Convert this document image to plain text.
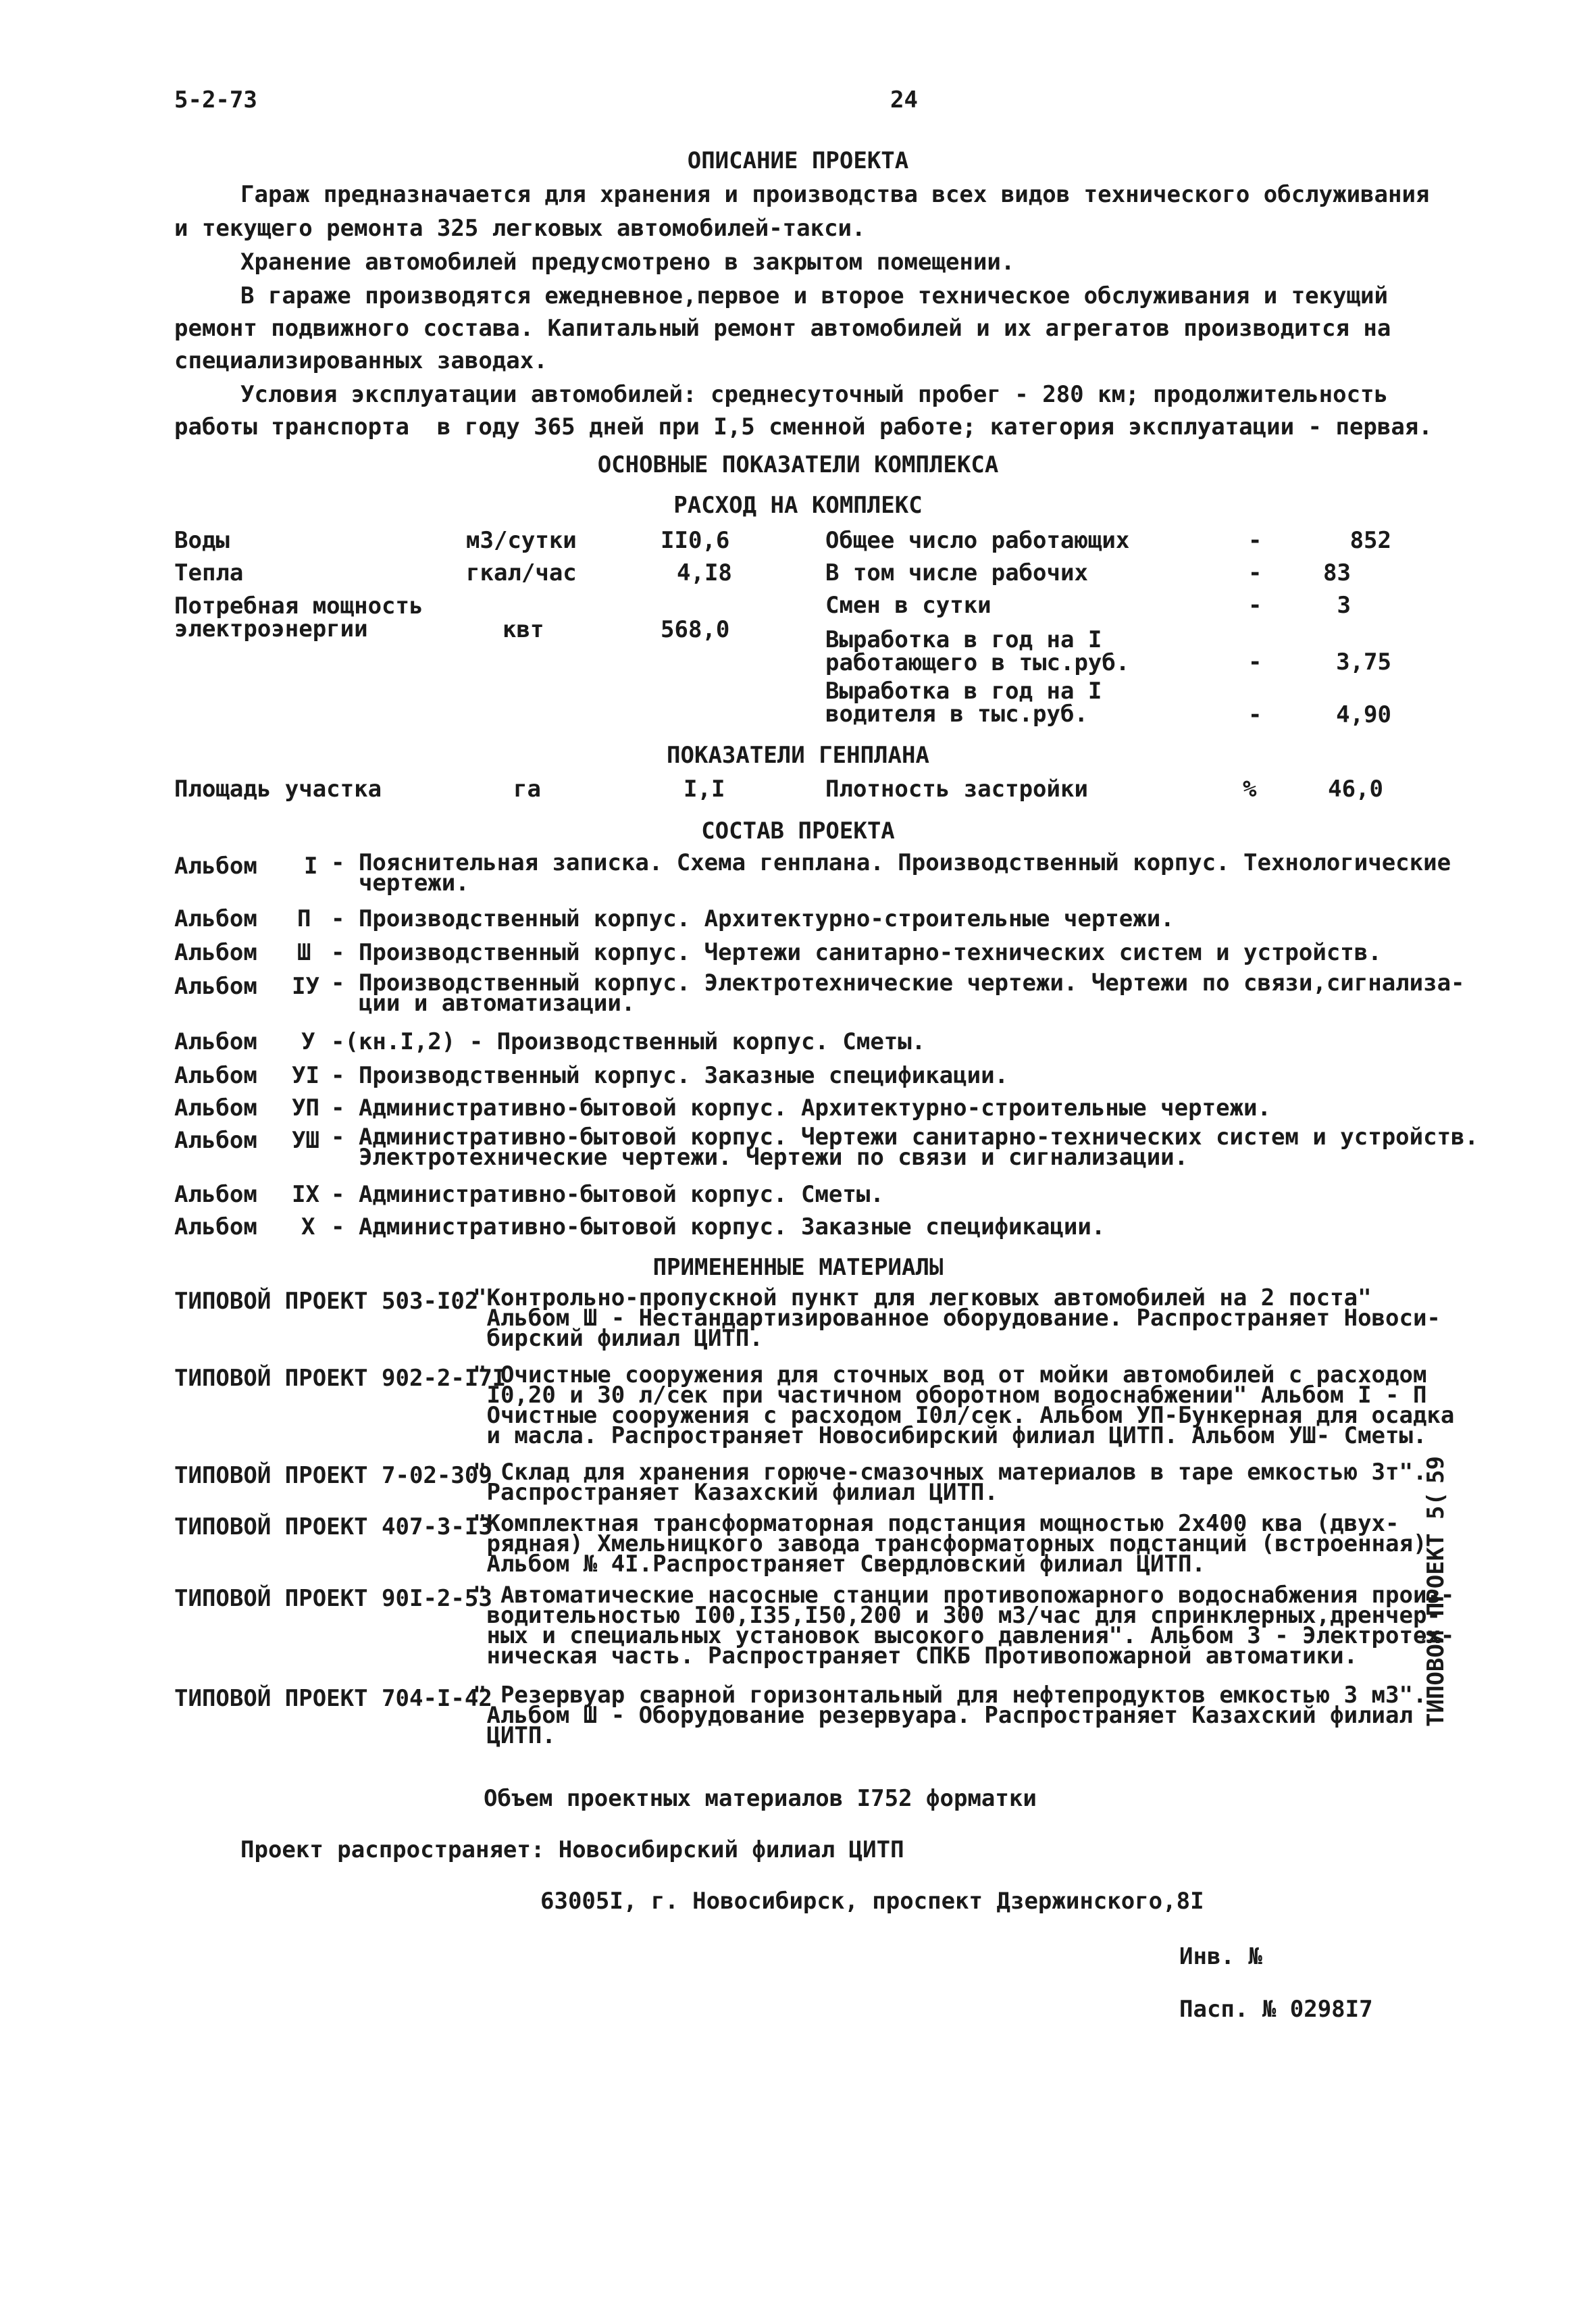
5-2-73	24
ОПИСАНИЕ ПРОЕКТА
Гараж предназначается для хранения и производства всех видов технического обслуживания
и текущего ремонта 325 легковых автомобилей-такси.
Хранение автомобилей предусмотрено в закрытом помещении.
В гараже производятся ежедневное,первое и второе техническое обслуживания и текущий
ремонт подвижного состава. Капитальный ремонт автомобилей и их агрегатов производится на
специализированных заводах.
Условия эксплуатации автомобилей: среднесуточный пробег - 280 км; продолжительность
работы транспорта  в году 365 дней при I,5 сменной работе; категория эксплуатации - первая.
ОСНОВНЫЕ ПОКАЗАТЕЛИ КОМПЛЕКСА
РАСХОД НА КОМПЛЕКС
Воды	м3/сутки	II0,6
Тепла	гкал/час	4,I8
Потребная мощность
электроэнергии	квт	568,0
Общее число работающих	-	852
В том числе рабочих	-	83
Смен в сутки	-	3
Выработка в год на I
работающего в тыс.руб.	-	3,75
Выработка в год на I
водителя в тыс.руб.	-	4,90
ПОКАЗАТЕЛИ ГЕНПЛАНА
Площадь участка	га	I,I	Плотность застройки	%	46,0
СОСТАВ ПРОЕКТА
Альбом I - Пояснительная записка. Схема генплана. Производственный корпус. Технологические
чертежи.
Альбом П - Производственный корпус. Архитектурно-строительные чертежи.
Альбом Ш - Производственный корпус. Чертежи санитарно-технических систем и устройств.
Альбом IУ - Производственный корпус. Электротехнические чертежи. Чертежи по связи,сигнализа-
ции и автоматизации.
Альбом У -(кн.I,2) - Производственный корпус. Сметы.
Альбом УI - Производственный корпус. Заказные спецификации.
Альбом УП - Административно-бытовой корпус. Архитектурно-строительные чертежи.
Альбом УШ - Административно-бытовой корпус. Чертежи санитарно-технических систем и устройств.
Электротехнические чертежи. Чертежи по связи и сигнализации.
Альбом IX - Административно-бытовой корпус. Сметы.
Альбом X - Административно-бытовой корпус. Заказные спецификации.
ПРИМЕНЕННЫЕ МАТЕРИАЛЫ
ТИПОВОЙ ПРОЕКТ 503-I02
"Контрольно-пропускной пункт для легковых автомобилей на 2 поста"
Альбом Ш - Нестандартизированное оборудование. Распространяет Новоси-
бирский филиал ЦИТП.
ТИПОВОЙ ПРОЕКТ 902-2-I7I
" Очистные сооружения для сточных вод от мойки автомобилей с расходом
I0,20 и 30 л/сек при частичном оборотном водоснабжении" Альбом I - П
Очистные сооружения с расходом I0л/сек. Альбом УП-Бункерная для осадка
и масла. Распространяет Новосибирский филиал ЦИТП. Альбом УШ- Сметы.
ТИПОВОЙ ПРОЕКТ 7-02-309
" Склад для хранения горюче-смазочных материалов в таре емкостью 3т".
Распространяет Казахский филиал ЦИТП.
ТИПОВОЙ ПРОЕКТ 407-3-I3
"Комплектная трансформаторная подстанция мощностью 2х400 ква (двух-
рядная) Хмельницкого завода трансформаторных подстанций (встроенная)
Альбом № 4I.Распространяет Свердловский филиал ЦИТП.
ТИПОВОЙ ПРОЕКТ 90I-2-53
" Автоматические насосные станции противопожарного водоснабжения произ-
водительностью I00,I35,I50,200 и 300 м3/час для спринклерных,дренчер-
ных и специальных установок высокого давления". Альбом 3 - Электротех-
ническая часть. Распространяет СПКБ Противопожарной автоматики.
ТИПОВОЙ ПРОЕКТ 704-I-42
" Резервуар сварной горизонтальный для нефтепродуктов емкостью 3 м3".
Альбом Ш - Оборудование резервуара. Распространяет Казахский филиал
ЦИТП.
Объем проектных материалов I752 форматки
Проект распространяет: Новосибирский филиал ЦИТП
63005I, г. Новосибирск, проспект Дзержинского,8I
Инв. №
Пасп. № 0298I7
ТИПОВОЙ ПРОЕКТ 5(
59
